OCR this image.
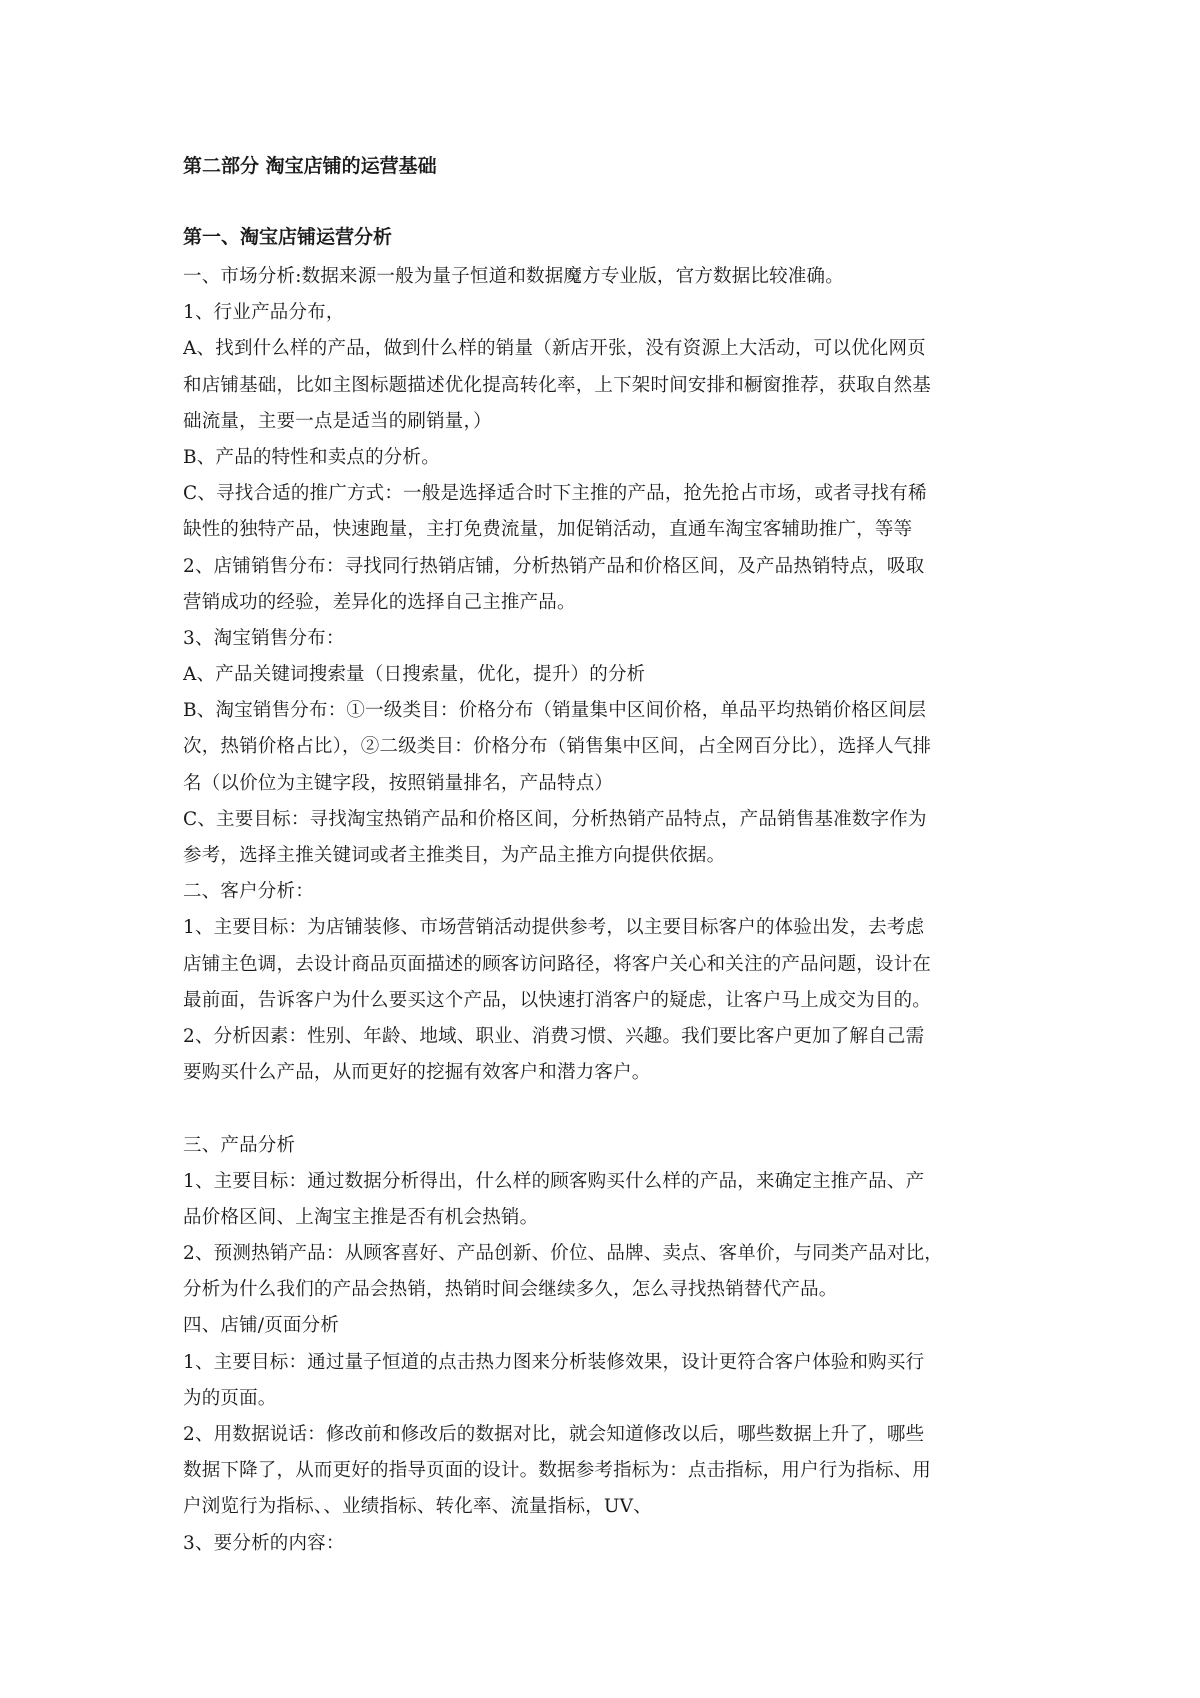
第二部分 淘宝店铺的运营基础
第一、淘宝店铺运营分析
一、市场分析:数据来源一般为量子恒道和数据魔方专业版，官方数据比较准确。
1、行业产品分布，
A、找到什么样的产品，做到什么样的销量（新店开张，没有资源上大活动，可以优化网页
和店铺基础，比如主图标题描述优化提高转化率，上下架时间安排和橱窗推荐，获取自然基
础流量，主要一点是适当的刷销量，）
B、产品的特性和卖点的分析。
C、寻找合适的推广方式：一般是选择适合时下主推的产品，抢先抢占市场，或者寻找有稀
缺性的独特产品，快速跑量，主打免费流量，加促销活动，直通车淘宝客辅助推广，等等
2、店铺销售分布：寻找同行热销店铺，分析热销产品和价格区间，及产品热销特点，吸取
营销成功的经验，差异化的选择自己主推产品。
3、淘宝销售分布：
A、产品关键词搜索量（日搜索量，优化，提升）的分析
B、淘宝销售分布：①一级类目：价格分布（销量集中区间价格，单品平均热销价格区间层
次，热销价格占比），②二级类目：价格分布（销售集中区间，占全网百分比），选择人气排
名（以价位为主键字段，按照销量排名，产品特点）
C、主要目标：寻找淘宝热销产品和价格区间，分析热销产品特点，产品销售基准数字作为
参考，选择主推关键词或者主推类目，为产品主推方向提供依据。
二、客户分析：
1、主要目标：为店铺装修、市场营销活动提供参考，以主要目标客户的体验出发，去考虑
店铺主色调，去设计商品页面描述的顾客访问路径，将客户关心和关注的产品问题，设计在
最前面，告诉客户为什么要买这个产品，以快速打消客户的疑虑，让客户马上成交为目的。
2、分析因素：性别、年龄、地域、职业、消费习惯、兴趣。我们要比客户更加了解自己需
要购买什么产品，从而更好的挖掘有效客户和潜力客户。
三、产品分析
1、主要目标：通过数据分析得出，什么样的顾客购买什么样的产品，来确定主推产品、产
品价格区间、上淘宝主推是否有机会热销。
2、预测热销产品：从顾客喜好、产品创新、价位、品牌、卖点、客单价，与同类产品对比，
分析为什么我们的产品会热销，热销时间会继续多久，怎么寻找热销替代产品。
四、店铺/页面分析
1、主要目标：通过量子恒道的点击热力图来分析装修效果，设计更符合客户体验和购买行
为的页面。
2、用数据说话：修改前和修改后的数据对比，就会知道修改以后，哪些数据上升了，哪些
数据下降了，从而更好的指导页面的设计。数据参考指标为：点击指标，用户行为指标、用
户浏览行为指标、、业绩指标、转化率、流量指标，UV、
3、要分析的内容：
